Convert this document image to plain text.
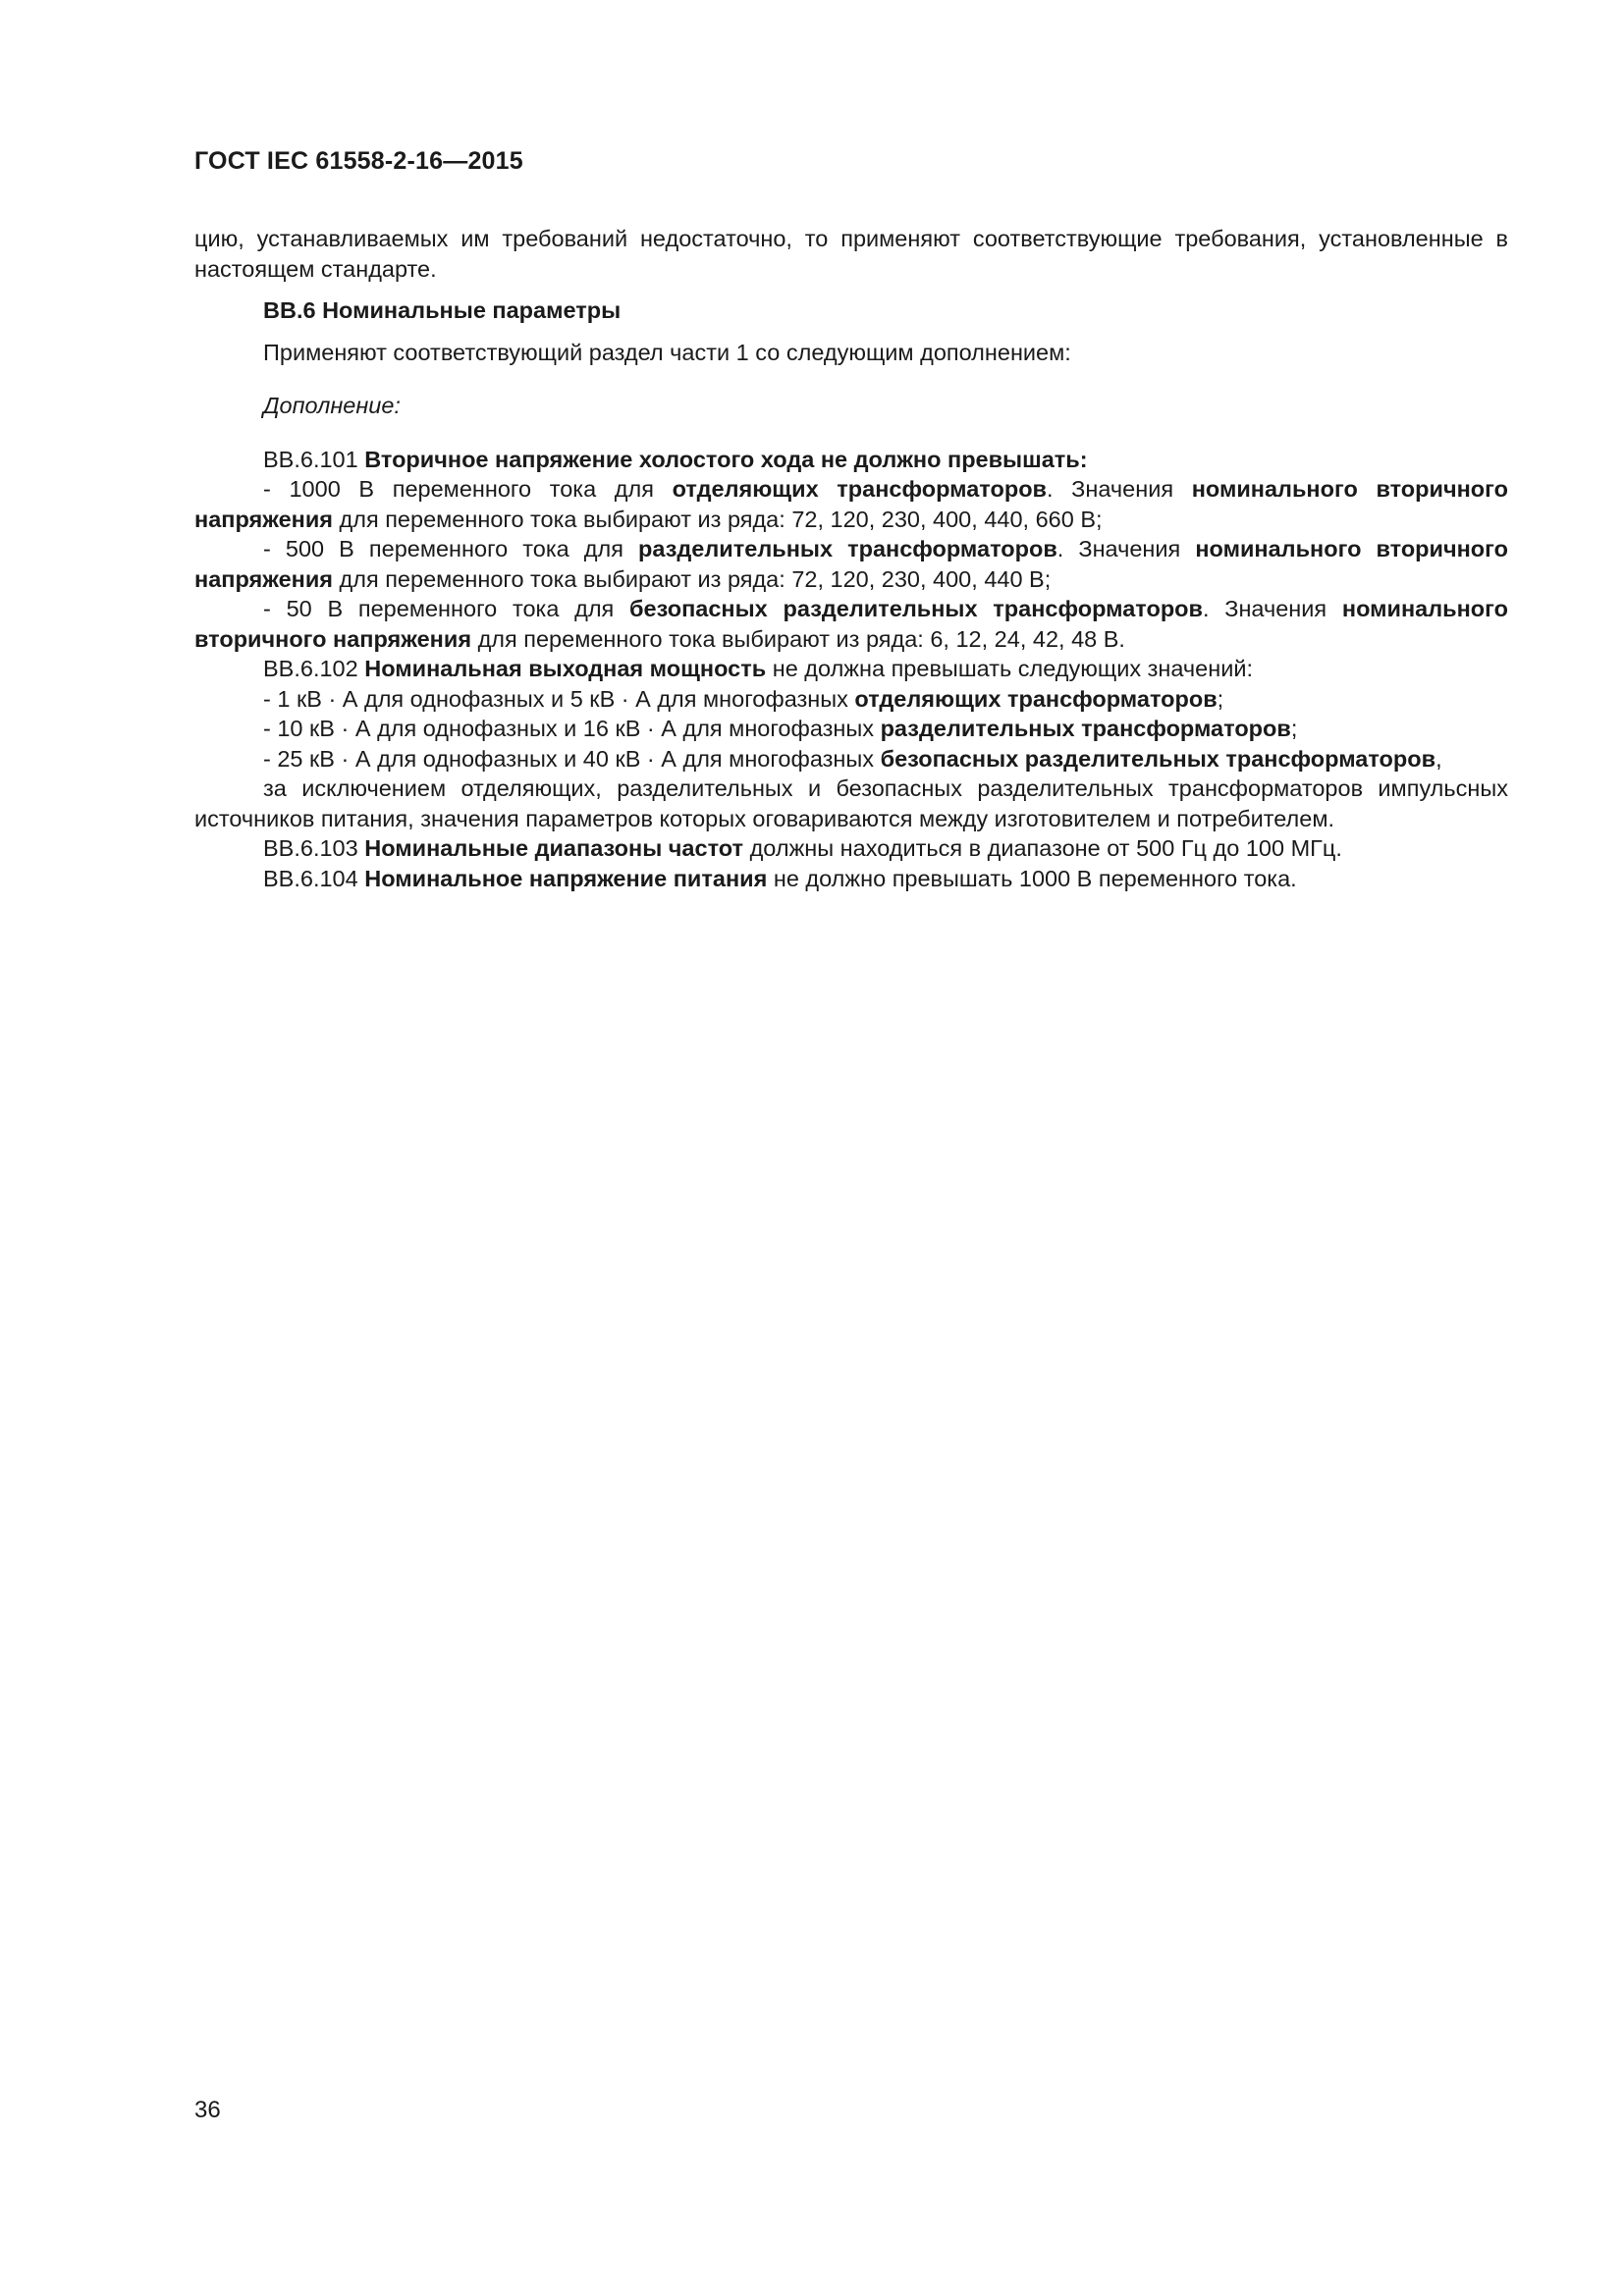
ГОСТ IEC 61558-2-16—2015

цию, устанавливаемых им требований недостаточно, то применяют соответствующие требования, установленные в настоящем стандарте.

ВВ.6 Номинальные параметры

Применяют соответствующий раздел части 1 со следующим дополнением:

Дополнение:

ВВ.6.101 Вторичное напряжение холостого хода не должно превышать:

- 1000 В переменного тока для отделяющих трансформаторов. Значения номинального вторичного напряжения для переменного тока выбирают из ряда: 72, 120, 230, 400, 440, 660 В;

- 500 В переменного тока для разделительных трансформаторов. Значения номинального вторичного напряжения для переменного тока выбирают из ряда: 72, 120, 230, 400, 440 В;

- 50 В переменного тока для безопасных разделительных трансформаторов. Значения номинального вторичного напряжения для переменного тока выбирают из ряда: 6, 12, 24, 42, 48 В.

ВВ.6.102 Номинальная выходная мощность не должна превышать следующих значений:

- 1 кВ · А для однофазных и 5 кВ · А для многофазных отделяющих трансформаторов;

- 10 кВ · А для однофазных и 16 кВ · А для многофазных разделительных трансформаторов;

- 25 кВ · А для однофазных и 40 кВ · А для многофазных безопасных разделительных трансформаторов,

за исключением отделяющих, разделительных и безопасных разделительных трансформаторов импульсных источников питания, значения параметров которых оговариваются между изготовителем и потребителем.

ВВ.6.103 Номинальные диапазоны частот должны находиться в диапазоне от 500 Гц до 100 МГц.

ВВ.6.104 Номинальное напряжение питания не должно превышать 1000 В переменного тока.

36
